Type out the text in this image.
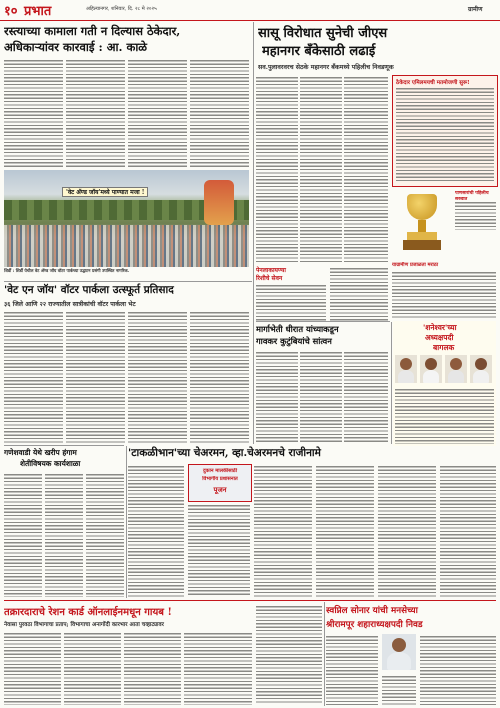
१० प्रभात	अहिल्यानगर, शनिवार, दि. २८ मे २०२५	ग्रामीण
रस्त्याच्या कामाला गती न दिल्यास ठेकेदार,
अधिकाऱ्यांवर कारवाई : आ. काळे
'वेट अ‍ॅण्ड जॉय'मध्ये पाण्यात मजा !
शिर्डी : शिर्डी येथील वेट अ‍ॅण्ड जॉय वॉटर पार्कच्या उद्घाटन प्रसंगी उपस्थित नागरिक.
सासू विरोधात सुनेची जीएस
महानगर बँकेसाठी लढाई
सव.पुलावरवरच सेठके महानगर बँकमध्ये पहिलीच निवडणूक
ठेकेदार एमिलमयची मतमोजणी सुरू!
पाणसारांची पहिलीच
याग्रामीण प्रजाळता मराठा
पेनलाकायण्या
रिशीचे सेवन
'वेट एन जॉय' वॉटर पार्कला उत्स्फूर्त प्रतिसाद
३६ जिले आणि २२ राज्यातील सात्रीकांची वॉटर पार्कला भेट
मार्गाभेती धीरात यांच्याकडून
गावकर कुटुंबियांचे सांत्वन
'शनेश्वर'च्या
अध्यक्षपदी
बागलक
गणेशवाडी येथे खरीप हंगाम
शेतीविषयक कार्यशाळा
'टाकळीभान'च्या चेअरमन, व्हा.चेअरमनचे राजीनामे
दुकान मालकीसाठी
विभागीय प्रशासनात
पूजन
तक्रारदाराचे रेशन कार्ड ऑनलाईनमधून गायब !
नेवासा पुरवठा विभागाचा प्रताप; विभागाचा अनागोंदी कारभार आता चव्हाट्यावर
स्वप्निल सोनार यांची मनसेच्या
श्रीरामपूर शहाराध्यक्षपदी निवड
